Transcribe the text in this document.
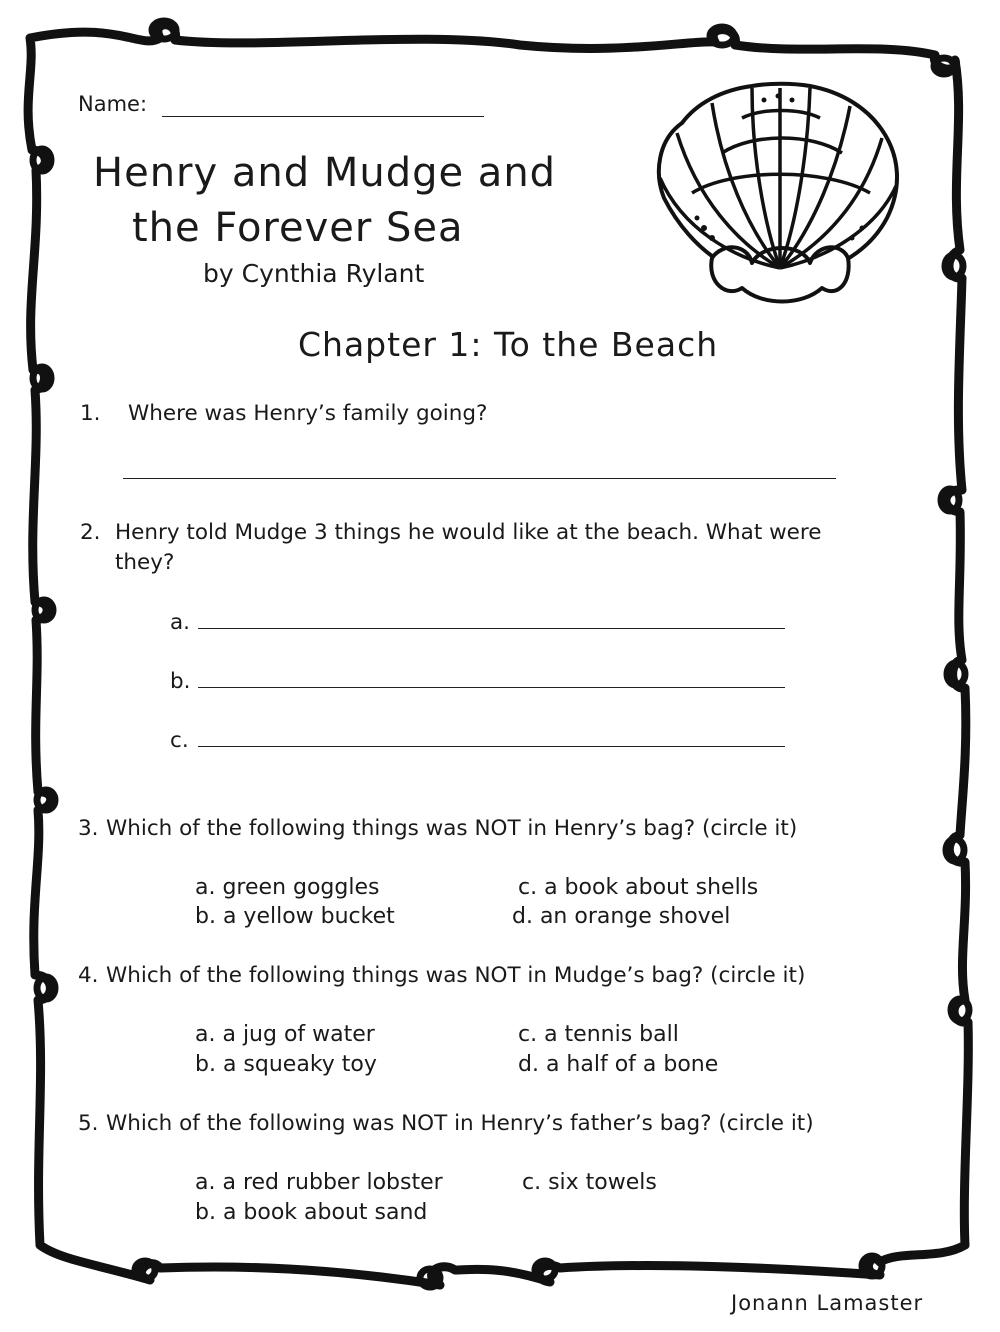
Name:
Henry and Mudge and
the Forever Sea
by Cynthia Rylant
Chapter 1: To the Beach
1. Where was Henry’s family going?
2. Henry told Mudge 3 things he would like at the beach. What were
they?
a.
b.
c.
3. Which of the following things was NOT in Henry’s bag? (circle it)
a. green goggles	c. a book about shells
b. a yellow bucket	d. an orange shovel
4. Which of the following things was NOT in Mudge’s bag? (circle it)
a. a jug of water	c. a tennis ball
b. a squeaky toy	d. a half of a bone
5. Which of the following was NOT in Henry’s father’s bag? (circle it)
a. a red rubber lobster	c. six towels
b. a book about sand
Jonann Lamaster
